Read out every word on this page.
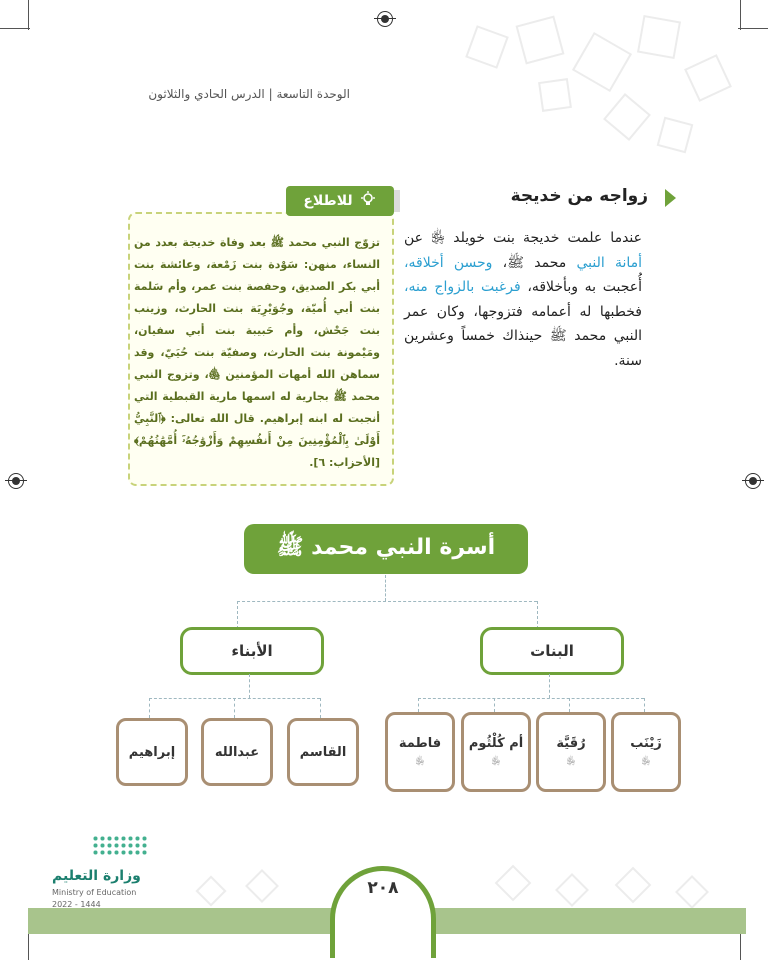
الوحدة التاسعة | الدرس الحادي والثلاثون
زواجه من خديجة
عندما علمت خديجة بنت خويلد ﵂ عن أمانة النبي محمد ﷺ، وحسن أخلاقه، أُعجبت به وبأخلاقه، فرغبت بالزواج منه، فخطبها له أعمامه فتزوجها، وكان عمر النبي محمد ﷺ حينذاك خمساً وعشرين سنة.
للاطلاع
تزوّج النبي محمد ﷺ بعد وفاة خديجة بعدد من النساء، منهن: سَوْدة بنت زَمْعة، وعائشة بنت أبي بكر الصديق، وحفصة بنت عمر، وأم سَلمة بنت أبي أُميّة، وجُوَيْرِيَة بنت الحارث، وزينب بنت جَحْش، وأم حَبيبة بنت أبي سفيان، ومَيْمونة بنت الحارث، وصفيّة بنت حُيَيّ، وقد سماهن الله أمهات المؤمنين ﵅، وتزوج النبي محمد ﷺ بجارية له اسمها مارية القبطية التي أنجبت له ابنه إبراهيم. قال الله تعالى: ﴿ٱلنَّبِيُّ أَوْلَىٰ بِٱلْمُؤْمِنِينَ مِنْ أَنفُسِهِمْ وَأَزْوَٰجُهُۥٓ أُمَّهَٰتُهُمْ﴾ [الأحزاب: ٦].
أسرة النبي محمد ﷺ
البنات
الأبناء
زَيْنَب
﵂
رُقَيَّة
﵂
أم كُلْثُوم
﵂
فاطمة
﵂
القاسم
عبدالله
إبراهيم
٢٠٨
وزارة التعليم
Ministry of Education
2022 - 1444
